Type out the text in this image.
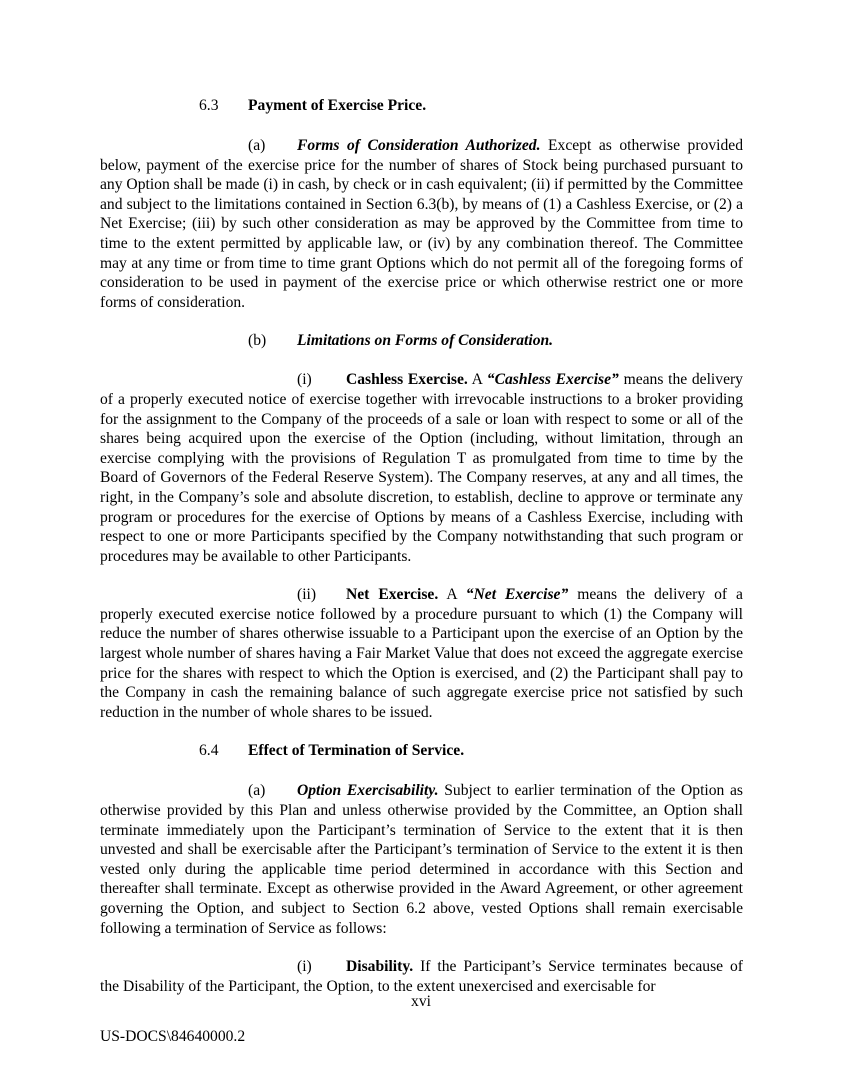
6.3 Payment of Exercise Price.

(a) Forms of Consideration Authorized. Except as otherwise provided below, payment of the exercise price for the number of shares of Stock being purchased pursuant to any Option shall be made (i) in cash, by check or in cash equivalent; (ii) if permitted by the Committee and subject to the limitations contained in Section 6.3(b), by means of (1) a Cashless Exercise, or (2) a Net Exercise; (iii) by such other consideration as may be approved by the Committee from time to time to the extent permitted by applicable law, or (iv) by any combination thereof. The Committee may at any time or from time to time grant Options which do not permit all of the foregoing forms of consideration to be used in payment of the exercise price or which otherwise restrict one or more forms of consideration.

(b) Limitations on Forms of Consideration.

(i) Cashless Exercise. A “Cashless Exercise” means the delivery of a properly executed notice of exercise together with irrevocable instructions to a broker providing for the assignment to the Company of the proceeds of a sale or loan with respect to some or all of the shares being acquired upon the exercise of the Option (including, without limitation, through an exercise complying with the provisions of Regulation T as promulgated from time to time by the Board of Governors of the Federal Reserve System). The Company reserves, at any and all times, the right, in the Company’s sole and absolute discretion, to establish, decline to approve or terminate any program or procedures for the exercise of Options by means of a Cashless Exercise, including with respect to one or more Participants specified by the Company notwithstanding that such program or procedures may be available to other Participants.

(ii) Net Exercise. A “Net Exercise” means the delivery of a properly executed exercise notice followed by a procedure pursuant to which (1) the Company will reduce the number of shares otherwise issuable to a Participant upon the exercise of an Option by the largest whole number of shares having a Fair Market Value that does not exceed the aggregate exercise price for the shares with respect to which the Option is exercised, and (2) the Participant shall pay to the Company in cash the remaining balance of such aggregate exercise price not satisfied by such reduction in the number of whole shares to be issued.

6.4 Effect of Termination of Service.

(a) Option Exercisability. Subject to earlier termination of the Option as otherwise provided by this Plan and unless otherwise provided by the Committee, an Option shall terminate immediately upon the Participant’s termination of Service to the extent that it is then unvested and shall be exercisable after the Participant’s termination of Service to the extent it is then vested only during the applicable time period determined in accordance with this Section and thereafter shall terminate. Except as otherwise provided in the Award Agreement, or other agreement governing the Option, and subject to Section 6.2 above, vested Options shall remain exercisable following a termination of Service as follows:

(i) Disability. If the Participant’s Service terminates because of the Disability of the Participant, the Option, to the extent unexercised and exercisable for

xvi
US-DOCS\84640000.2
